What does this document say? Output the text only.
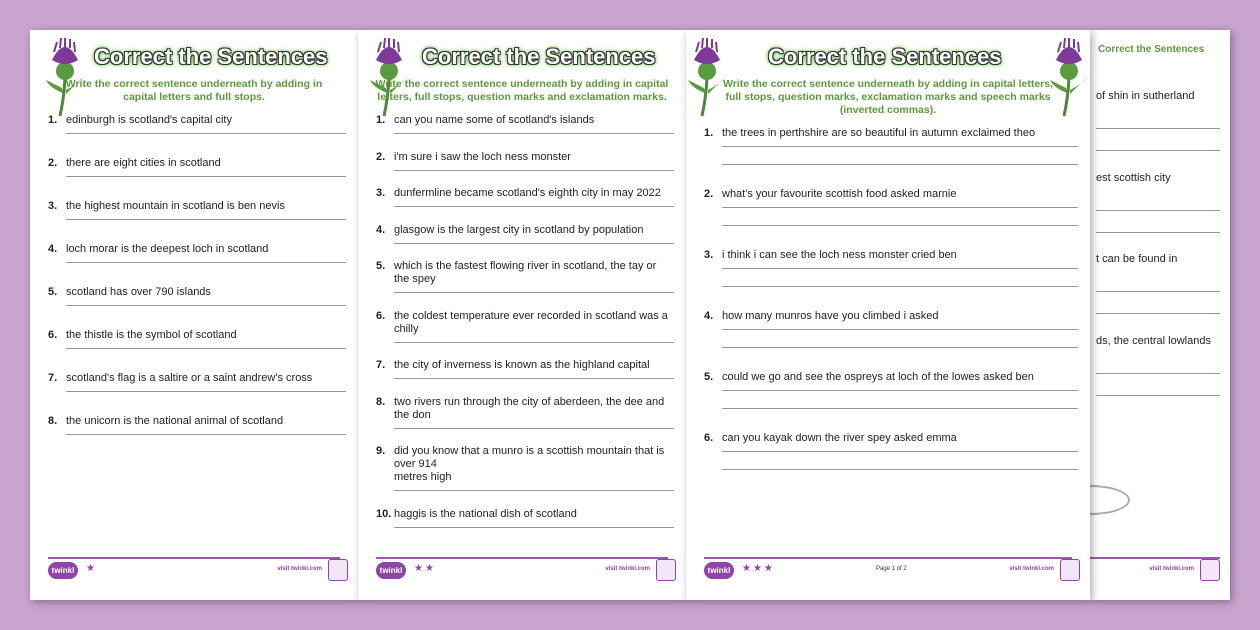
Correct the Sentences
of shin in sutherland
est scottish city
t can be found in
ds, the central lowlands
visit twinkl.com
Correct the Sentences
Write the correct sentence underneath by adding in
capital letters and full stops.
1. edinburgh is scotland's capital city
2. there are eight cities in scotland
3. the highest mountain in scotland is ben nevis
4. loch morar is the deepest loch in scotland
5. scotland has over 790 islands
6. the thistle is the symbol of scotland
7. scotland's flag is a saltire or a saint andrew's cross
8. the unicorn is the national animal of scotland
twinkl	★	visit twinkl.com
Correct the Sentences
Write the correct sentence underneath by adding in capital
letters, full stops, question marks and exclamation marks.
1. can you name some of scotland's islands
2. i'm sure i saw the loch ness monster
3. dunfermline became scotland's eighth city in may 2022
4. glasgow is the largest city in scotland by population
5. which is the fastest flowing river in scotland, the tay or the spey
6. the coldest temperature ever recorded in scotland was a chilly
7. the city of inverness is known as the highland capital
8. two rivers run through the city of aberdeen, the dee and the don
9. did you know that a munro is a scottish mountain that is over 914
metres high
10. haggis is the national dish of scotland
twinkl	★★	visit twinkl.com
Correct the Sentences
Write the correct sentence underneath by adding in capital letters,
full stops, question marks, exclamation marks and speech marks
(inverted commas).
1. the trees in perthshire are so beautiful in autumn exclaimed theo
2. what's your favourite scottish food asked marnie
3. i think i can see the loch ness monster cried ben
4. how many munros have you climbed i asked
5. could we go and see the ospreys at loch of the lowes asked ben
6. can you kayak down the river spey asked emma
twinkl	★★★	Page 1 of 2	visit twinkl.com
